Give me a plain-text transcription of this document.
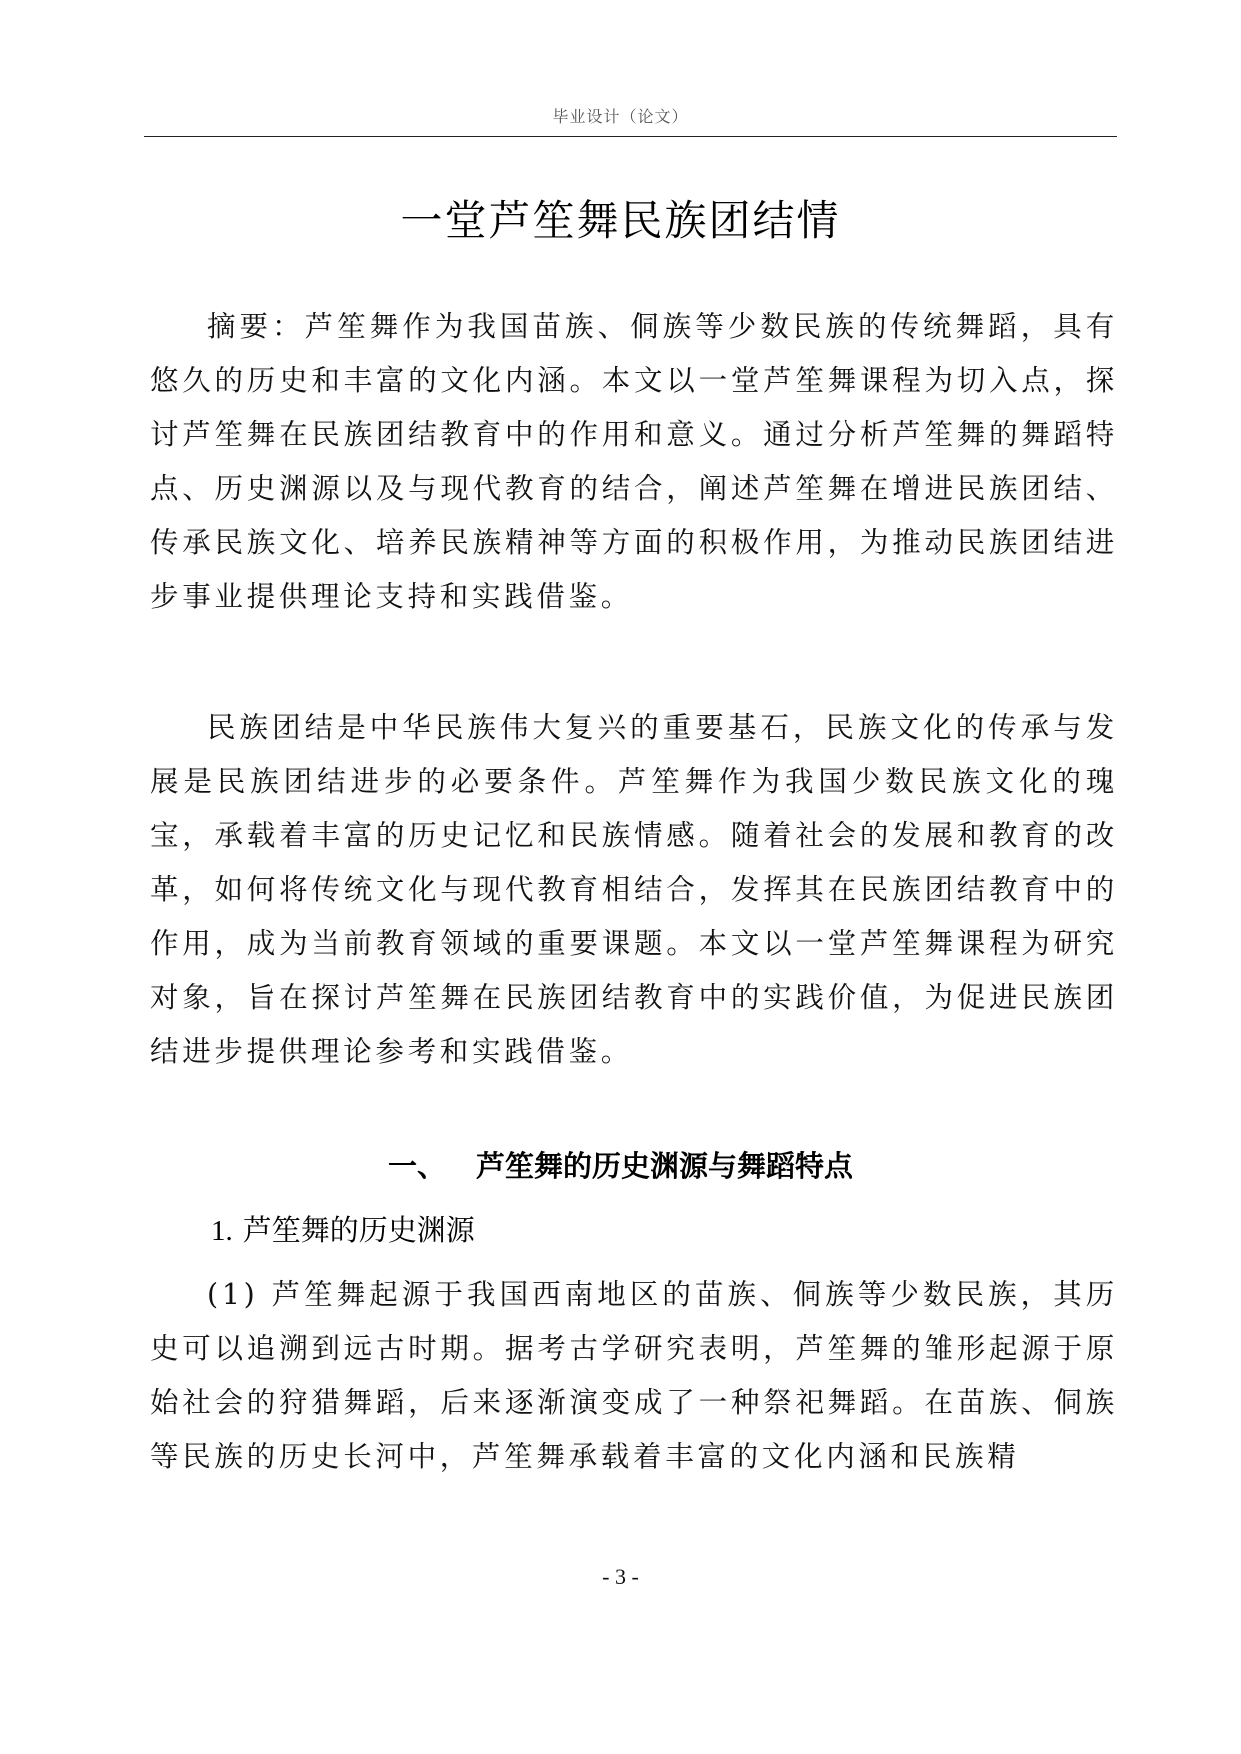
毕业设计（论文）
一堂芦笙舞民族团结情

摘要：芦笙舞作为我国苗族、侗族等少数民族的传统舞蹈，具有悠久的历史和丰富的文化内涵。本文以一堂芦笙舞课程为切入点，探讨芦笙舞在民族团结教育中的作用和意义。通过分析芦笙舞的舞蹈特点、历史渊源以及与现代教育的结合，阐述芦笙舞在增进民族团结、传承民族文化、培养民族精神等方面的积极作用，为推动民族团结进步事业提供理论支持和实践借鉴。

民族团结是中华民族伟大复兴的重要基石，民族文化的传承与发展是民族团结进步的必要条件。芦笙舞作为我国少数民族文化的瑰宝，承载着丰富的历史记忆和民族情感。随着社会的发展和教育的改革，如何将传统文化与现代教育相结合，发挥其在民族团结教育中的作用，成为当前教育领域的重要课题。本文以一堂芦笙舞课程为研究对象，旨在探讨芦笙舞在民族团结教育中的实践价值，为促进民族团结进步提供理论参考和实践借鉴。

一、 芦笙舞的历史渊源与舞蹈特点
1. 芦笙舞的历史渊源

(1) 芦笙舞起源于我国西南地区的苗族、侗族等少数民族，其历史可以追溯到远古时期。据考古学研究表明，芦笙舞的雏形起源于原始社会的狩猎舞蹈，后来逐渐演变成了一种祭祀舞蹈。在苗族、侗族等民族的历史长河中，芦笙舞承载着丰富的文化内涵和民族精

- 3 -
